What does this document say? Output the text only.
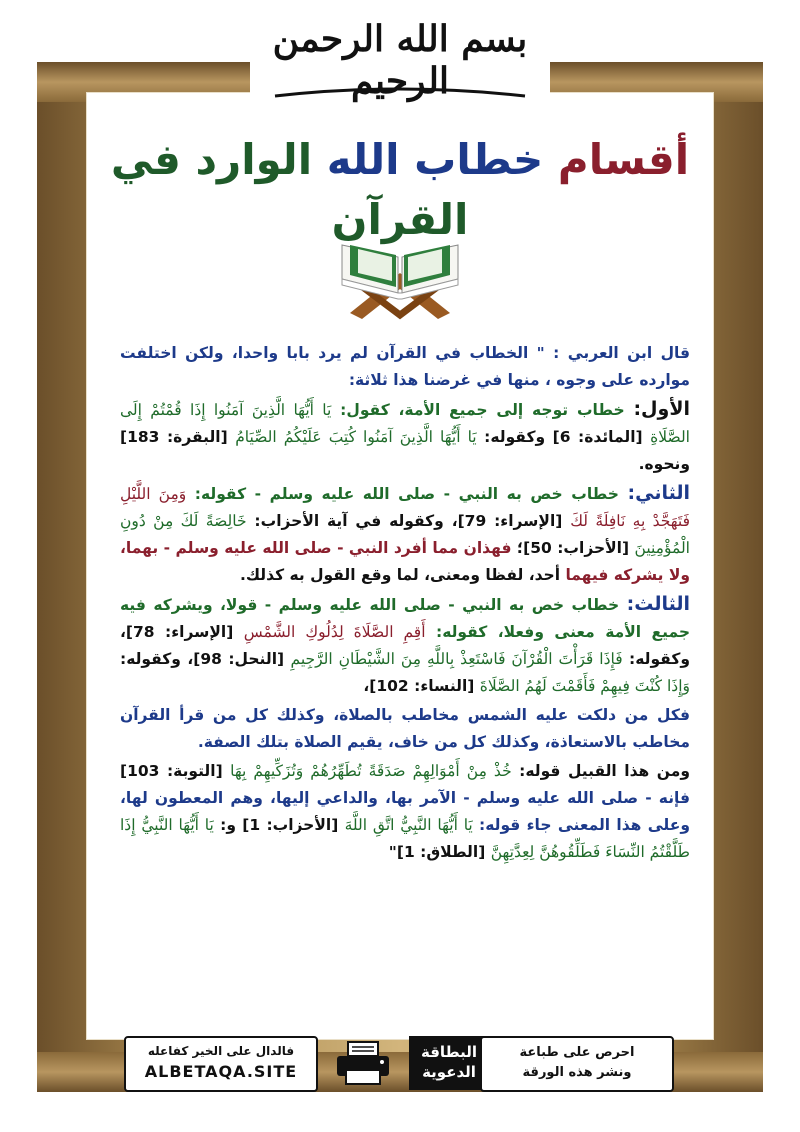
بسم الله الرحمن الرحيم
أقسام خطاب الله الوارد في القرآن

قال ابن العربي : " الخطاب في القرآن لم يرد بابا واحدا، ولكن اختلفت موارده على وجوه ، منها في غرضنا هذا ثلاثة:

الأول: خطاب توجه إلى جميع الأمة، كقول: يَا أَيُّهَا الَّذِينَ آمَنُوا إِذَا قُمْتُمْ إِلَى الصَّلَاةِ [المائدة: 6] وكقوله: يَا أَيُّهَا الَّذِينَ آمَنُوا كُتِبَ عَلَيْكُمُ الصِّيَامُ [البقرة: 183] ونحوه.

الثاني: خطاب خص به النبي - صلى الله عليه وسلم - كقوله: وَمِنَ اللَّيْلِ فَتَهَجَّدْ بِهِ نَافِلَةً لَكَ [الإسراء: 79]، وكقوله في آية الأحزاب: خَالِصَةً لَكَ مِنْ دُونِ الْمُؤْمِنِينَ [الأحزاب: 50]؛ فهذان مما أفرد النبي - صلى الله عليه وسلم - بهما، ولا يشركه فيهما أحد، لفظا ومعنى، لما وقع القول به كذلك.

الثالث: خطاب خص به النبي - صلى الله عليه وسلم - قولا، ويشركه فيه جميع الأمة معنى وفعلا، كقوله: أَقِمِ الصَّلَاةَ لِدُلُوكِ الشَّمْسِ [الإسراء: 78]، وكقوله: فَإِذَا قَرَأْتَ الْقُرْآنَ فَاسْتَعِذْ بِاللَّهِ مِنَ الشَّيْطَانِ الرَّجِيمِ [النحل: 98]، وكقوله: وَإِذَا كُنْتَ فِيهِمْ فَأَقَمْتَ لَهُمُ الصَّلَاةَ [النساء: 102]،

فكل من دلكت عليه الشمس مخاطب بالصلاة، وكذلك كل من قرأ القرآن مخاطب بالاستعاذة، وكذلك كل من خاف، يقيم الصلاة بتلك الصفة.

ومن هذا القبيل قوله: خُذْ مِنْ أَمْوَالِهِمْ صَدَقَةً تُطَهِّرُهُمْ وَتُزَكِّيهِمْ بِهَا [التوبة: 103] فإنه - صلى الله عليه وسلم - الآمر بها، والداعي إليها، وهم المعطون لها، وعلى هذا المعنى جاء قوله: يَا أَيُّهَا النَّبِيُّ اتَّقِ اللَّهَ [الأحزاب: 1] و: يَا أَيُّهَا النَّبِيُّ إِذَا طَلَّقْتُمُ النِّسَاءَ فَطَلِّقُوهُنَّ لِعِدَّتِهِنَّ [الطلاق: 1]"

فالدال على الخير كفاعله
ALBETAQA.SITE
البطاقة
الدعوية
احرص على طباعة
ونشر هذه الورقة
